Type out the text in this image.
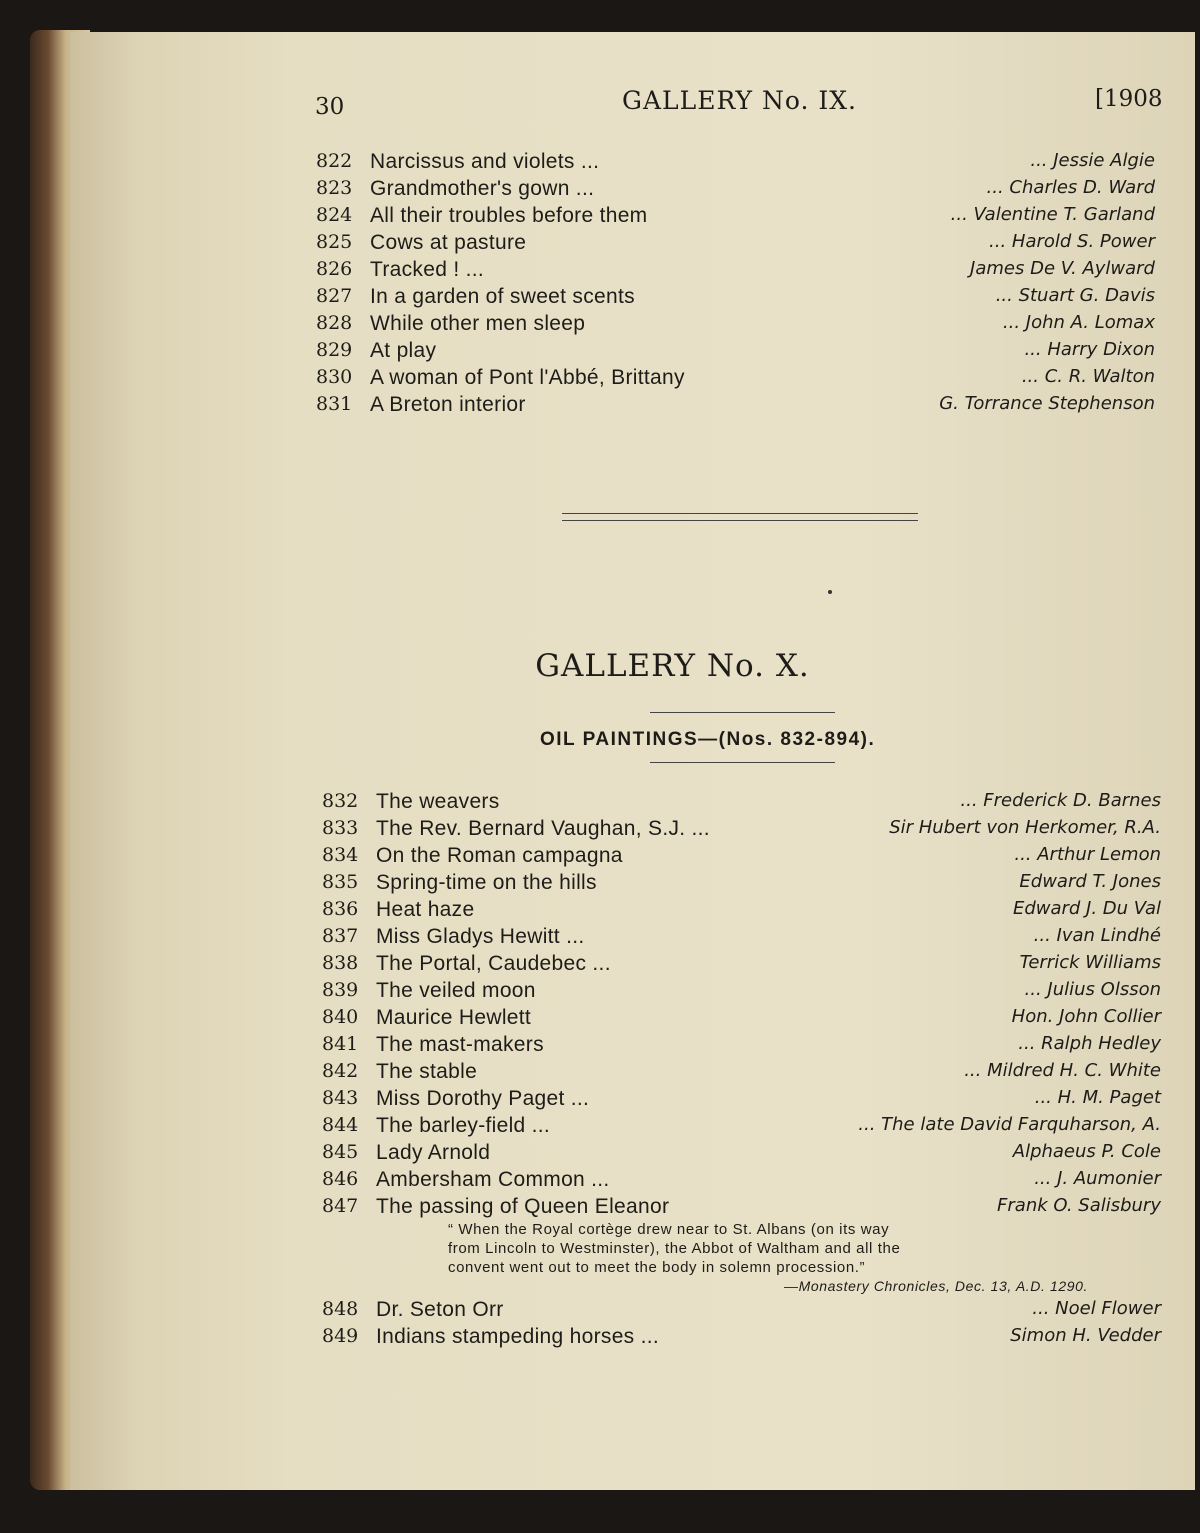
30	GALLERY No. IX.	[1908
822 Narcissus and violets ...	... Jessie Algie
823 Grandmother's gown ...	... Charles D. Ward
824 All their troubles before them	... Valentine T. Garland
825 Cows at pasture	... Harold S. Power
826 Tracked ! ...	James De V. Aylward
827 In a garden of sweet scents	... Stuart G. Davis
828 While other men sleep	... John A. Lomax
829 At play	... Harry Dixon
830 A woman of Pont l'Abbé, Brittany	... C. R. Walton
831 A Breton interior	G. Torrance Stephenson
GALLERY No. X.
OIL PAINTINGS—(Nos. 832-894).
832 The weavers	... Frederick D. Barnes
833 The Rev. Bernard Vaughan, S.J. ...	Sir Hubert von Herkomer, R.A.
834 On the Roman campagna	... Arthur Lemon
835 Spring-time on the hills	Edward T. Jones
836 Heat haze	Edward J. Du Val
837 Miss Gladys Hewitt ...	... Ivan Lindhé
838 The Portal, Caudebec ...	Terrick Williams
839 The veiled moon	... Julius Olsson
840 Maurice Hewlett	Hon. John Collier
841 The mast-makers	... Ralph Hedley
842 The stable	... Mildred H. C. White
843 Miss Dorothy Paget ...	... H. M. Paget
844 The barley-field ...	... The late David Farquharson, A.
845 Lady Arnold	Alphaeus P. Cole
846 Ambersham Common ...	... J. Aumonier
847 The passing of Queen Eleanor	Frank O. Salisbury
848 Dr. Seton Orr	... Noel Flower
849 Indians stampeding horses ...	Simon H. Vedder
“ When the Royal cortège drew near to St. Albans (on its way
from Lincoln to Westminster), the Abbot of Waltham and all the
convent went out to meet the body in solemn procession.”
—Monastery Chronicles, Dec. 13, A.D. 1290.
